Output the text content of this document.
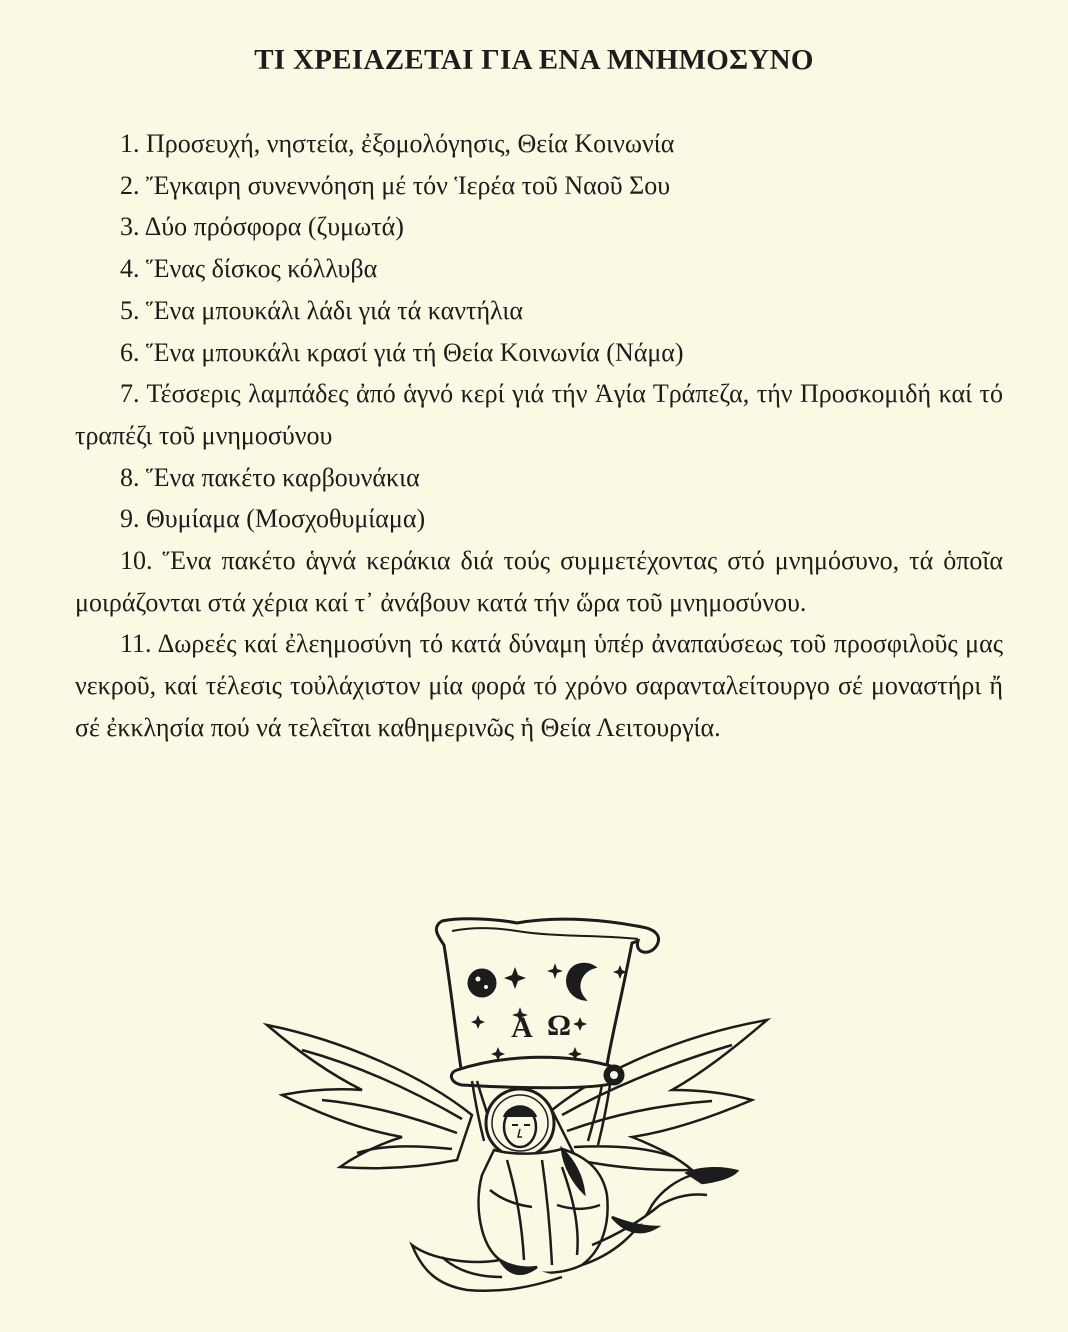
ΤΙ ΧΡΕΙΑΖΕΤΑΙ ΓΙΑ ΕΝΑ ΜΝΗΜΟΣΥΝΟ
1. Προσευχή, νηστεία, ἐξομολόγησις, Θεία Κοινωνία
2. Ἔγκαιρη συνεννόηση μέ τόν Ἱερέα τοῦ Ναοῦ Σου
3. Δύο πρόσφορα (ζυμωτά)
4. Ἕνας δίσκος κόλλυβα
5. Ἕνα μπουκάλι λάδι γιά τά καντήλια
6. Ἕνα μπουκάλι κρασί γιά τή Θεία Κοινωνία (Νάμα)
7. Τέσσερις λαμπάδες ἀπό ἁγνό κερί γιά τήν Ἁγία Τράπεζα, τήν Προσκομιδή καί τό τραπέζι τοῦ μνημοσύνου
8. Ἕνα πακέτο καρβουνάκια
9. Θυμίαμα (Μοσχοθυμίαμα)
10. Ἕνα πακέτο ἁγνά κεράκια διά τούς συμμετέχοντας στό μνημόσυνο, τά ὁποῖα μοιράζονται στά χέρια καί τ᾽ ἀνάβουν κατά τήν ὥρα τοῦ μνημοσύνου.
11. Δωρεές καί ἐλεημοσύνη τό κατά δύναμη ὑπέρ ἀναπαύσεως τοῦ προσφιλοῦς μας νεκροῦ, καί τέλεσις τοὐλάχιστον μία φορά τό χρόνο σαρανταλείτουργο σέ μοναστήρι ἤ σέ ἐκκλησία πού νά τελεῖται καθημερινῶς ἡ Θεία Λειτουργία.
Α Ω
